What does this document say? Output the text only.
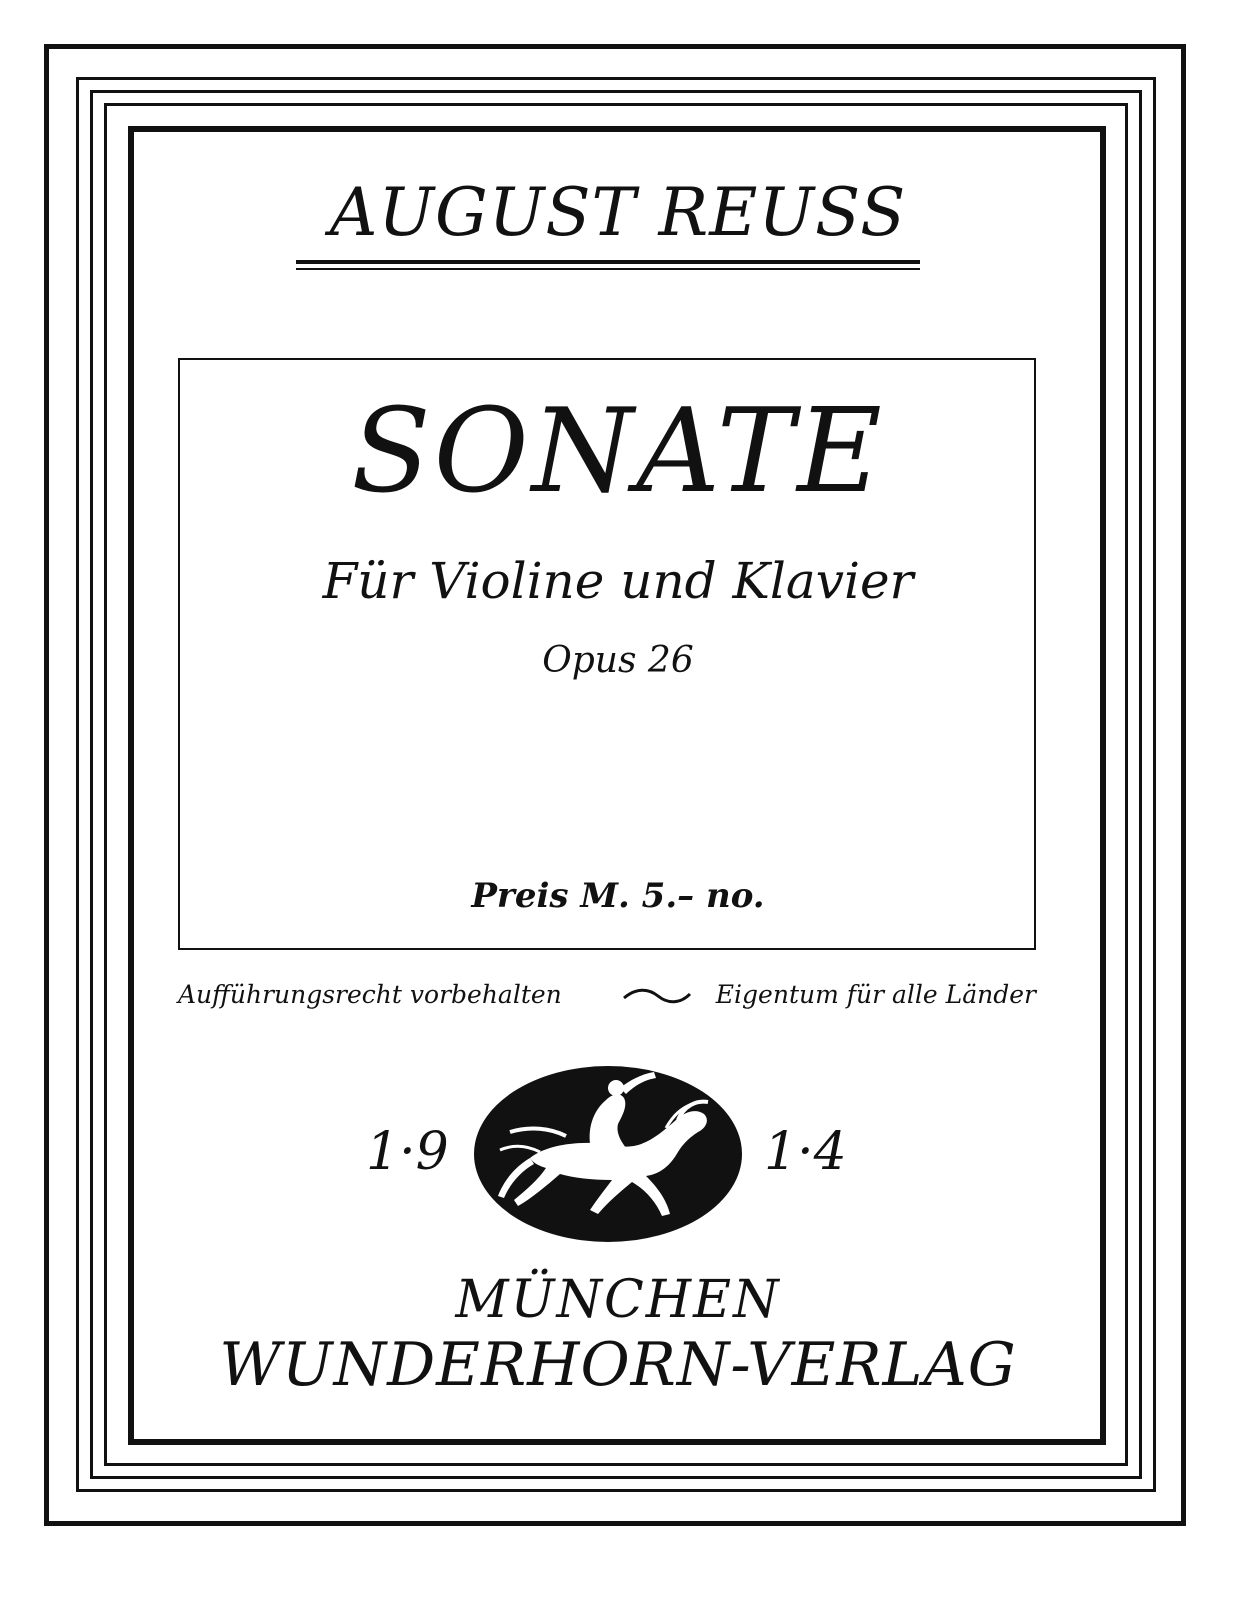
AUGUST REUSS
SONATE
Für Violine und Klavier
Opus 26
Preis M. 5.– no.
Aufführungsrecht vorbehalten	Eigentum für alle Länder
1·9	1·4
MÜNCHEN
WUNDERHORN-VERLAG
